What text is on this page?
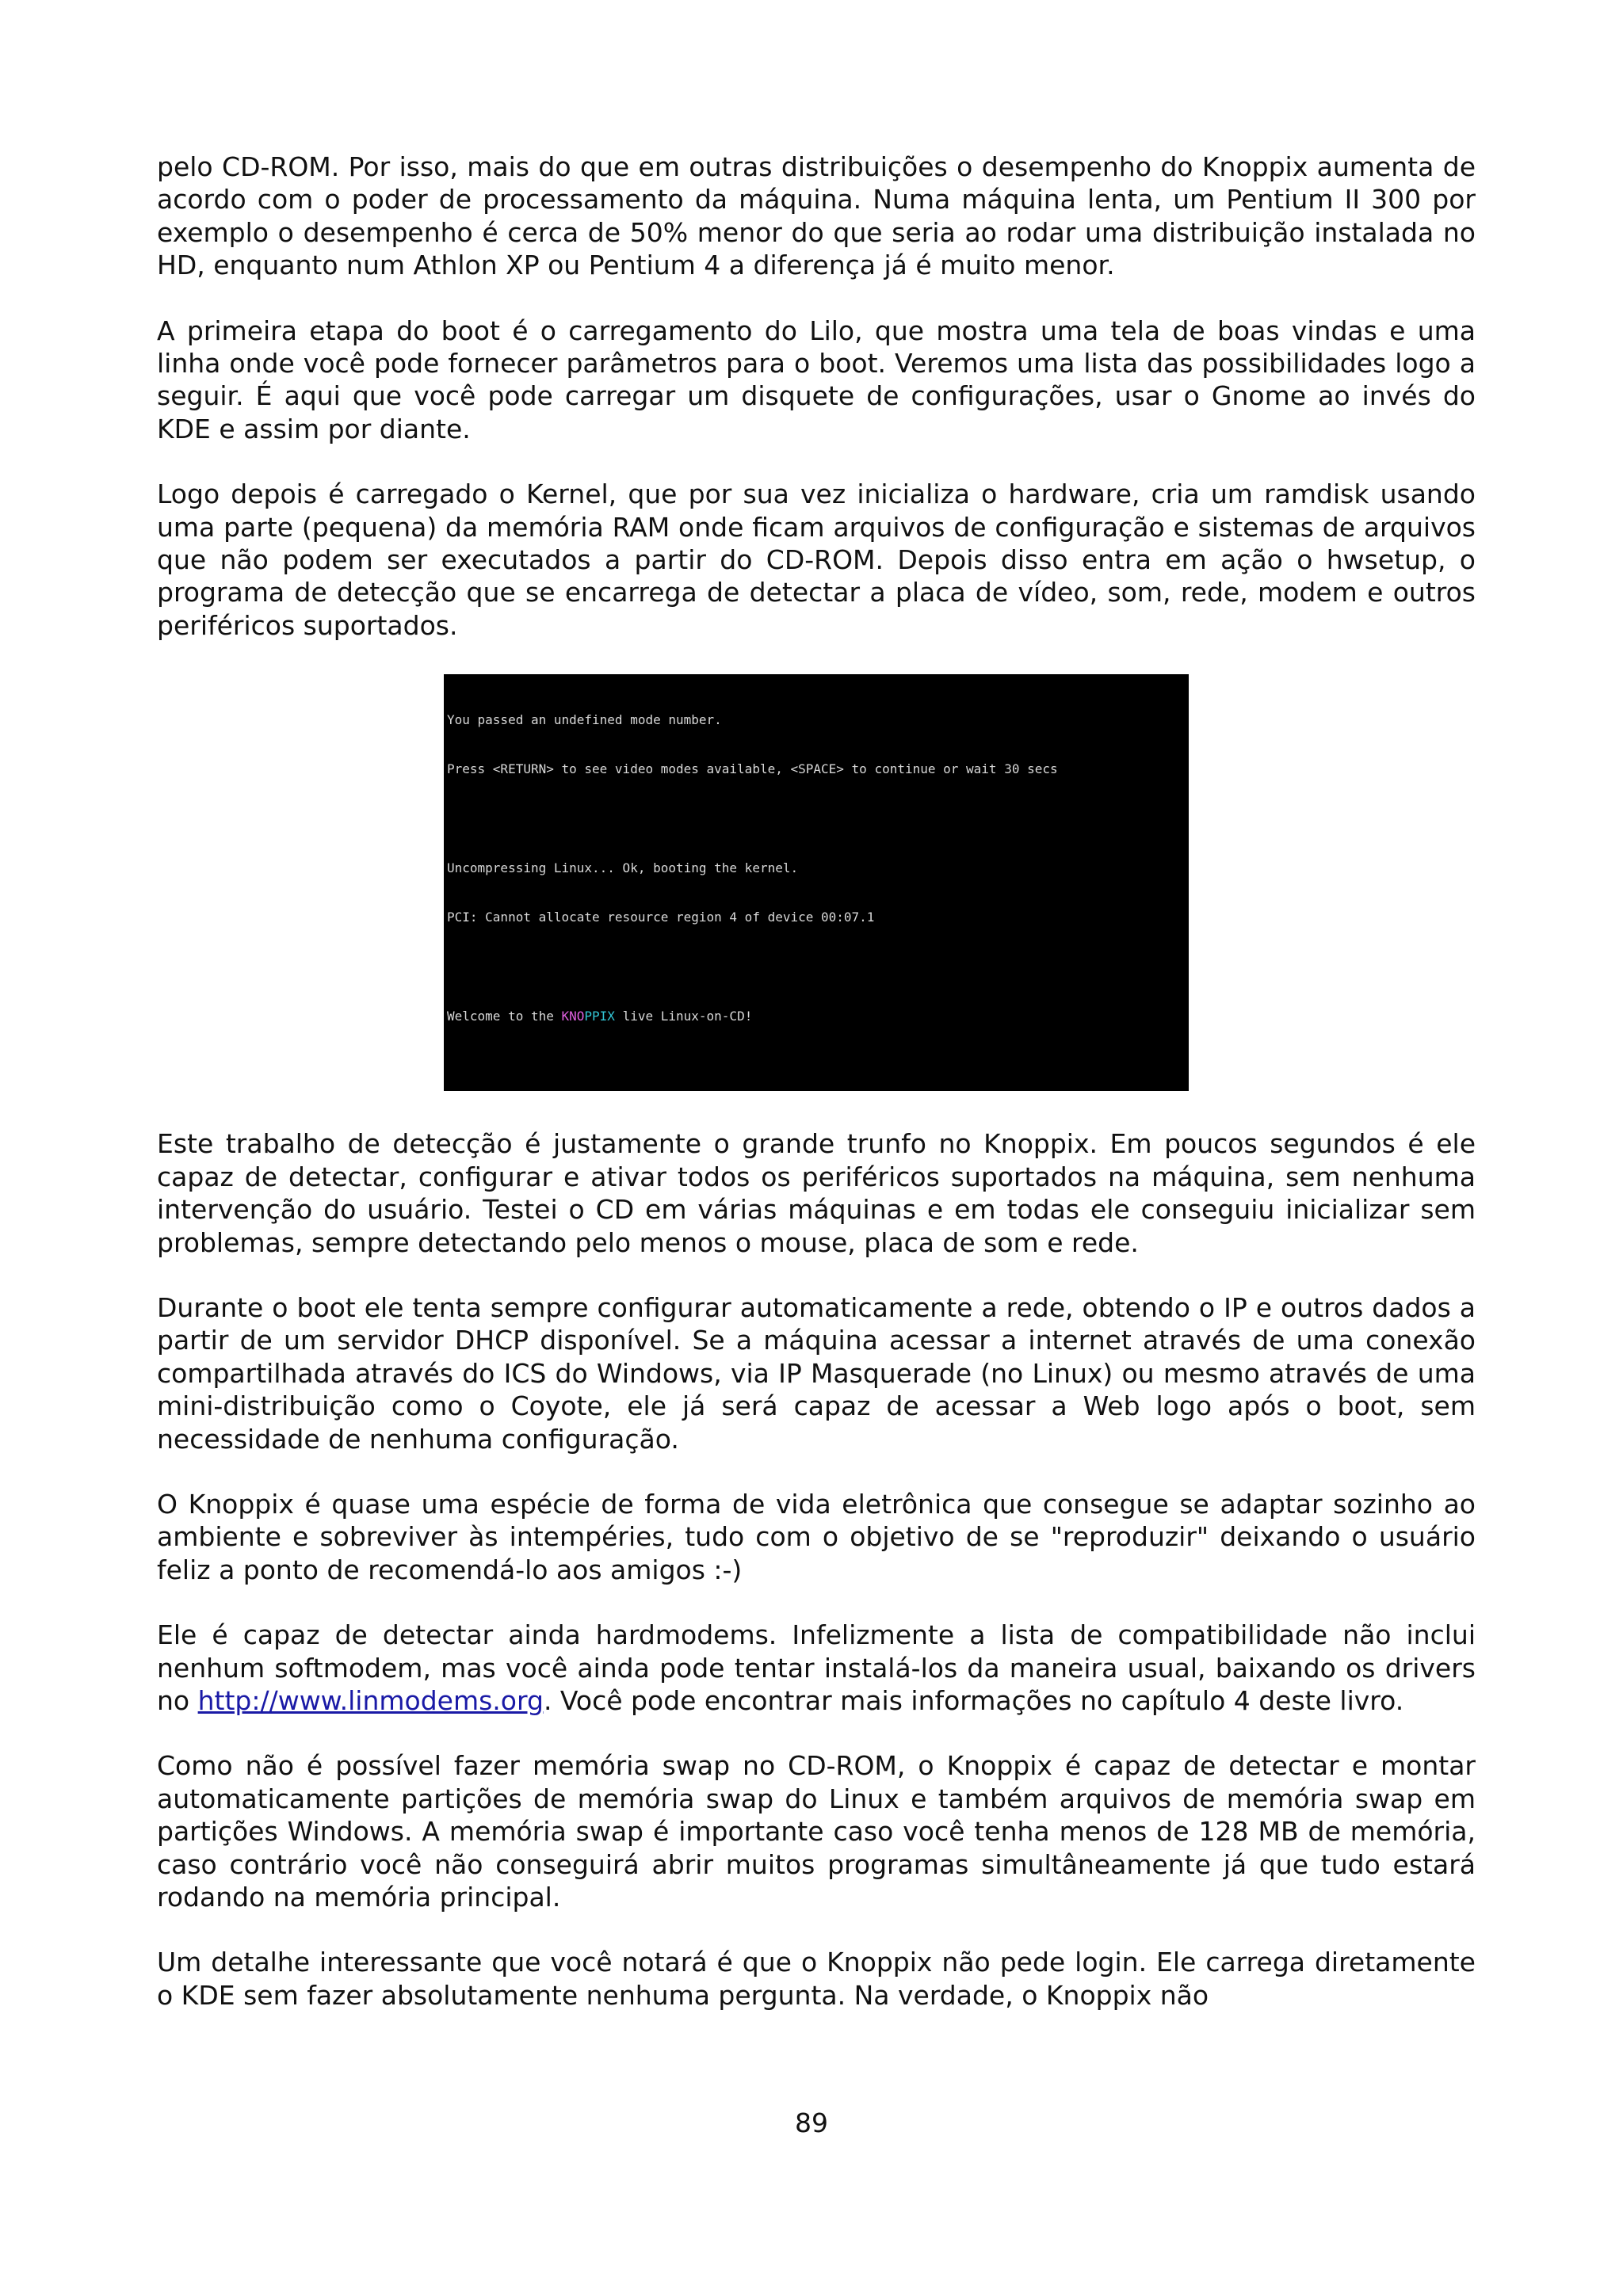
pelo CD-ROM. Por isso, mais do que em outras distribuições o desempenho do Knoppix aumenta de acordo com o poder de processamento da máquina. Numa máquina lenta, um Pentium II 300 por exemplo o desempenho é cerca de 50% menor do que seria ao rodar uma distribuição instalada no HD, enquanto num Athlon XP ou Pentium 4 a diferença já é muito menor.

A primeira etapa do boot é o carregamento do Lilo, que mostra uma tela de boas vindas e uma linha onde você pode fornecer parâmetros para o boot. Veremos uma lista das possibilidades logo a seguir. É aqui que você pode carregar um disquete de configurações, usar o Gnome ao invés do KDE e assim por diante.

Logo depois é carregado o Kernel, que por sua vez inicializa o hardware, cria um ramdisk usando uma parte (pequena) da memória RAM onde ficam arquivos de configuração e sistemas de arquivos que não podem ser executados a partir do CD-ROM. Depois disso entra em ação o hwsetup, o programa de detecção que se encarrega de detectar a placa de vídeo, som, rede, modem e outros periféricos suportados.

You passed an undefined mode number.

Press <RETURN> to see video modes available, <SPACE> to continue or wait 30 secs

Uncompressing Linux... Ok, booting the kernel.

PCI: Cannot allocate resource region 4 of device 00:07.1

Welcome to the KNOPPIX live Linux-on-CD!

Este trabalho de detecção é justamente o grande trunfo no Knoppix. Em poucos segundos é ele capaz de detectar, configurar e ativar todos os periféricos suportados na máquina, sem nenhuma intervenção do usuário. Testei o CD em várias máquinas e em todas ele conseguiu inicializar sem problemas, sempre detectando pelo menos o mouse, placa de som e rede.

Durante o boot ele tenta sempre configurar automaticamente a rede, obtendo o IP e outros dados a partir de um servidor DHCP disponível. Se a máquina acessar a internet através de uma conexão compartilhada através do ICS do Windows, via IP Masquerade (no Linux) ou mesmo através de uma mini-distribuição como o Coyote, ele já será capaz de acessar a Web logo após o boot, sem necessidade de nenhuma configuração.

O Knoppix é quase uma espécie de forma de vida eletrônica que consegue se adaptar sozinho ao ambiente e sobreviver às intempéries, tudo com o objetivo de se "reproduzir" deixando o usuário feliz a ponto de recomendá-lo aos amigos :-)

Ele é capaz de detectar ainda hardmodems. Infelizmente a lista de compatibilidade não inclui nenhum softmodem, mas você ainda pode tentar instalá-los da maneira usual, baixando os drivers no http://www.linmodems.org. Você pode encontrar mais informações no capítulo 4 deste livro.

Como não é possível fazer memória swap no CD-ROM, o Knoppix é capaz de detectar e montar automaticamente partições de memória swap do Linux e também arquivos de memória swap em partições Windows. A memória swap é importante caso você tenha menos de 128 MB de memória, caso contrário você não conseguirá abrir muitos programas simultâneamente já que tudo estará rodando na memória principal.

Um detalhe interessante que você notará é que o Knoppix não pede login. Ele carrega diretamente o KDE sem fazer absolutamente nenhuma pergunta. Na verdade, o Knoppix não

89
